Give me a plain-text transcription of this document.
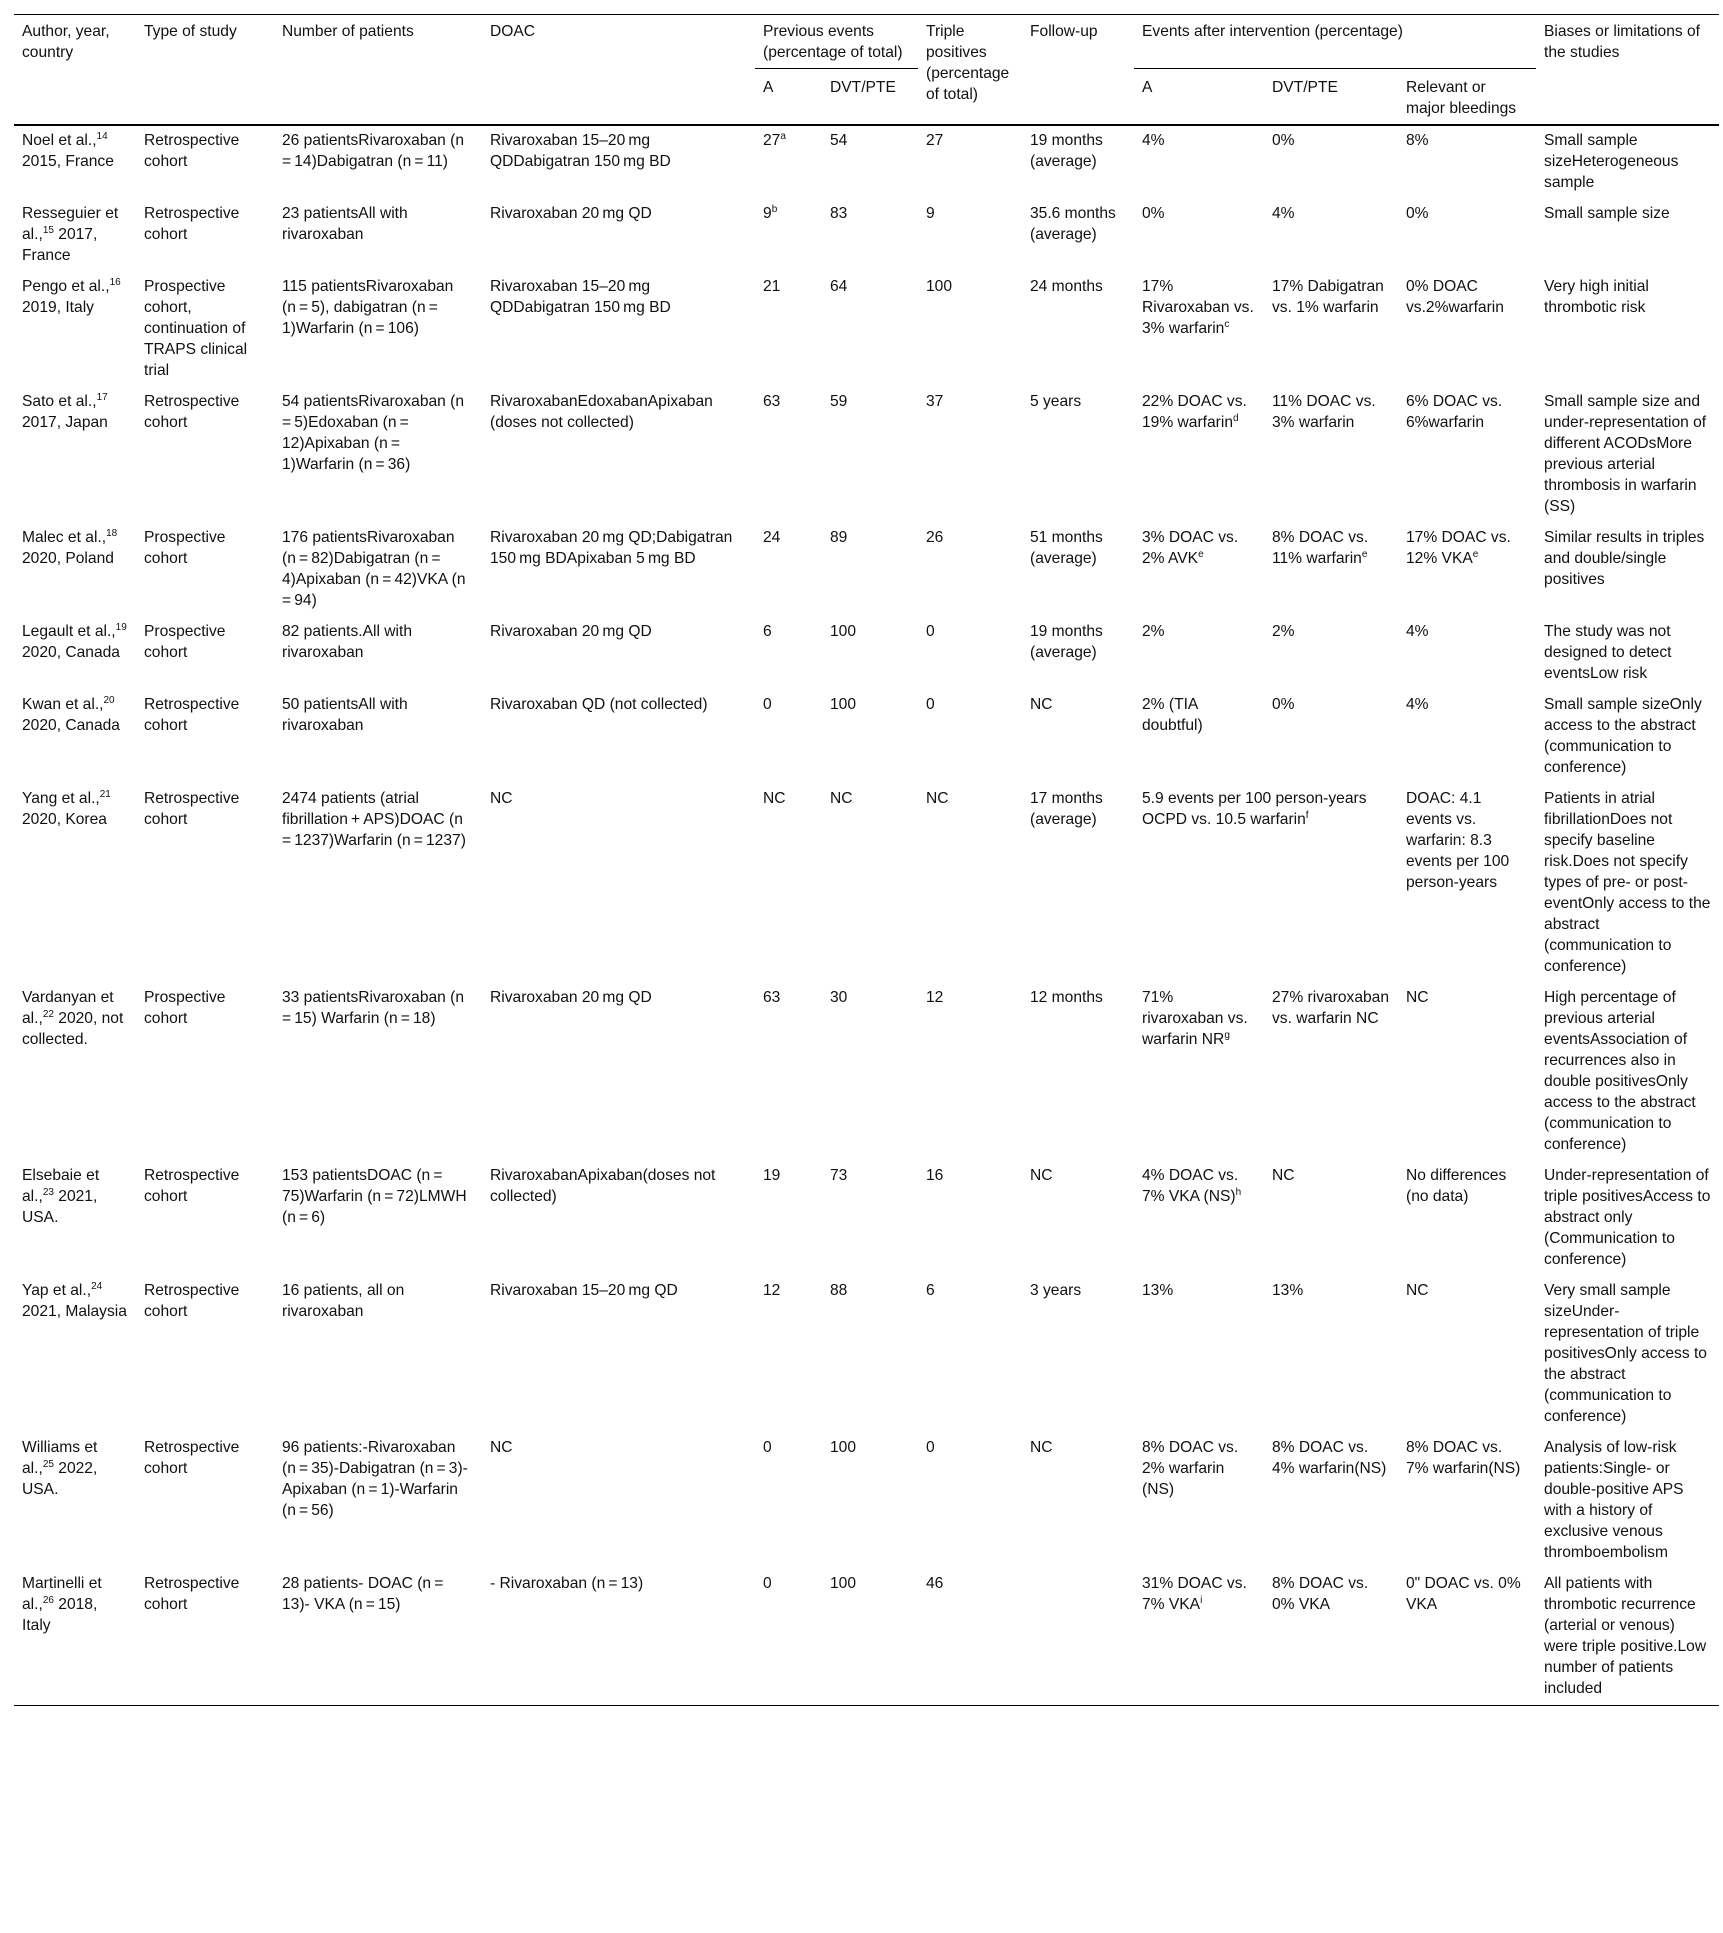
Author, year, country	Type of study	Number of patients	DOAC	Previous events (percentage of total)		Triple positives (percentage of total)	Follow-up	Events after intervention (percentage)			Biases or limitations of the studies
				A	DVT/PTE			A	DVT/PTE	Relevant or major bleedings	
Noel et al.,$^{14}$ 2015, France	Retrospective cohort	26 patientsRivaroxaban (n = 14)Dabigatran (n = 11)	Rivaroxaban 15–20 mg QDDabigatran 150 mg BD	27$^a$	54	27	19 months (average)	4%	0%	8%	Small sample sizeHeterogeneous sample
Resseguier et al.,$^{15}$ 2017, France	Retrospective cohort	23 patientsAll with rivaroxaban	Rivaroxaban 20 mg QD	9$^b$	83	9	35.6 months (average)	0%	4%	0%	Small sample size
Pengo et al.,$^{16}$ 2019, Italy	Prospective cohort, continuation of TRAPS clinical trial	115 patientsRivaroxaban (n = 5), dabigatran (n = 1)Warfarin (n = 106)	Rivaroxaban 15–20 mg QDDabigatran 150 mg BD	21	64	100	24 months	17% Rivaroxaban vs. 3% warfarin$^c$	17% Dabigatran vs. 1% warfarin	0% DOAC vs.2%warfarin	Very high initial thrombotic risk
Sato et al.,$^{17}$ 2017, Japan	Retrospective cohort	54 patientsRivaroxaban (n = 5)Edoxaban (n = 12)Apixaban (n = 1)Warfarin (n = 36)	RivaroxabanEdoxabanApixaban (doses not collected)	63	59	37	5 years	22% DOAC vs. 19% warfarin$^d$	11% DOAC vs. 3% warfarin	6% DOAC vs. 6%warfarin	Small sample size and under-representation of different ACODsMore previous arterial thrombosis in warfarin (SS)
Malec et al.,$^{18}$ 2020, Poland	Prospective cohort	176 patientsRivaroxaban (n = 82)Dabigatran (n = 4)Apixaban (n = 42)VKA (n = 94)	Rivaroxaban 20 mg QD;Dabigatran 150 mg BDApixaban 5 mg BD	24	89	26	51 months (average)	3% DOAC vs. 2% AVK$^e$	8% DOAC vs. 11% warfarin$^e$	17% DOAC vs. 12% VKA$^e$	Similar results in triples and double/single positives
Legault et al.,$^{19}$ 2020, Canada	Prospective cohort	82 patients.All with rivaroxaban	Rivaroxaban 20 mg QD	6	100	0	19 months (average)	2%	2%	4%	The study was not designed to detect eventsLow risk
Kwan et al.,$^{20}$ 2020, Canada	Retrospective cohort	50 patientsAll with rivaroxaban	Rivaroxaban QD (not collected)	0	100	0	NC	2% (TIA doubtful)	0%	4%	Small sample sizeOnly access to the abstract (communication to conference)
Yang et al.,$^{21}$ 2020, Korea	Retrospective cohort	2474 patients (atrial fibrillation + APS)DOAC (n = 1237)Warfarin (n = 1237)	NC	NC	NC	NC	17 months (average)	5.9 events per 100 person-years OCPD vs. 10.5 warfarin$^f$		DOAC: 4.1 events vs. warfarin: 8.3 events per 100 person-years	Patients in atrial fibrillationDoes not specify baseline risk.Does not specify types of pre- or post-eventOnly access to the abstract (communication to conference)
Vardanyan et al.,$^{22}$ 2020, not collected.	Prospective cohort	33 patientsRivaroxaban (n = 15) Warfarin (n = 18)	Rivaroxaban 20 mg QD	63	30	12	12 months	71% rivaroxaban vs. warfarin $NR^g$	27% rivaroxaban vs. warfarin NC	NC	High percentage of previous arterial eventsAssociation of recurrences also in double positivesOnly access to the abstract (communication to conference)
Elsebaie et al.,$^{23}$ 2021, USA.	Retrospective cohort	153 patientsDOAC (n = 75)Warfarin (n = 72)LMWH (n = 6)	RivaroxabanApixaban(doses not collected)	19	73	16	NC	4% DOAC vs. 7% VKA (NS)$^h$	NC	No differences (no data)	Under-representation of triple positivesAccess to abstract only (Communication to conference)
Yap et al.,$^{24}$ 2021, Malaysia	Retrospective cohort	16 patients, all on rivaroxaban	Rivaroxaban 15–20 mg QD	12	88	6	3 years	13%	13%	NC	Very small sample sizeUnder-representation of triple positivesOnly access to the abstract (communication to conference)
Williams et al.,$^{25}$ 2022, USA.	Retrospective cohort	96 patients:-Rivaroxaban (n = 35)-Dabigatran (n = 3)-Apixaban (n = 1)-Warfarin (n = 56)	NC	0	100	0	NC	8% DOAC vs. 2% warfarin (NS)	8% DOAC vs. 4% warfarin(NS)	8% DOAC vs. 7% warfarin(NS)	Analysis of low-risk patients:Single- or double-positive APS with a history of exclusive venous thromboembolism
Martinelli et al.,$^{26}$ 2018, Italy	Retrospective cohort	28 patients- DOAC (n = 13)- VKA (n = 15)	- Rivaroxaban (n = 13)	0	100	46		31% DOAC vs. 7% VKA$^i$	8% DOAC vs. 0% VKA	0" DOAC vs. 0% VKA	All patients with thrombotic recurrence (arterial or venous) were triple positive.Low number of patients included
